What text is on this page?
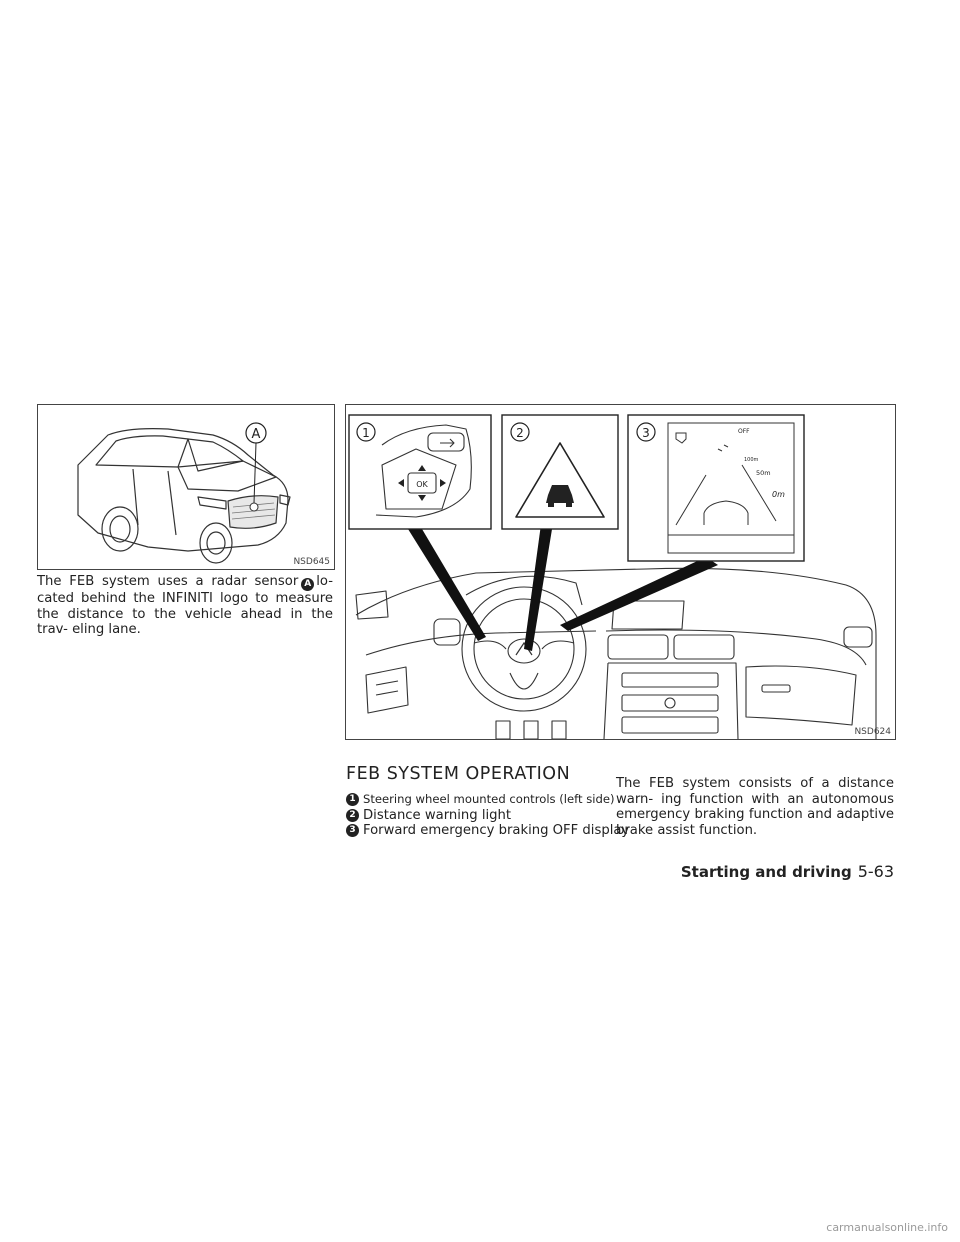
A
NSD645
The FEB system uses a radar sensor A lo- cated behind the INFINITI logo to measure the distance to the vehicle ahead in the trav- eling lane.
1
OK
2	3	OFF
100m
50m
0m
NSD624
FEB SYSTEM OPERATION
1 Steering wheel mounted controls (left side)
2 Distance warning light
3 Forward emergency braking OFF display
The FEB system consists of a distance warn- ing function with an autonomous emergency braking function and adaptive brake assist function.
Starting and driving 5-63
carmanualsonline.info
